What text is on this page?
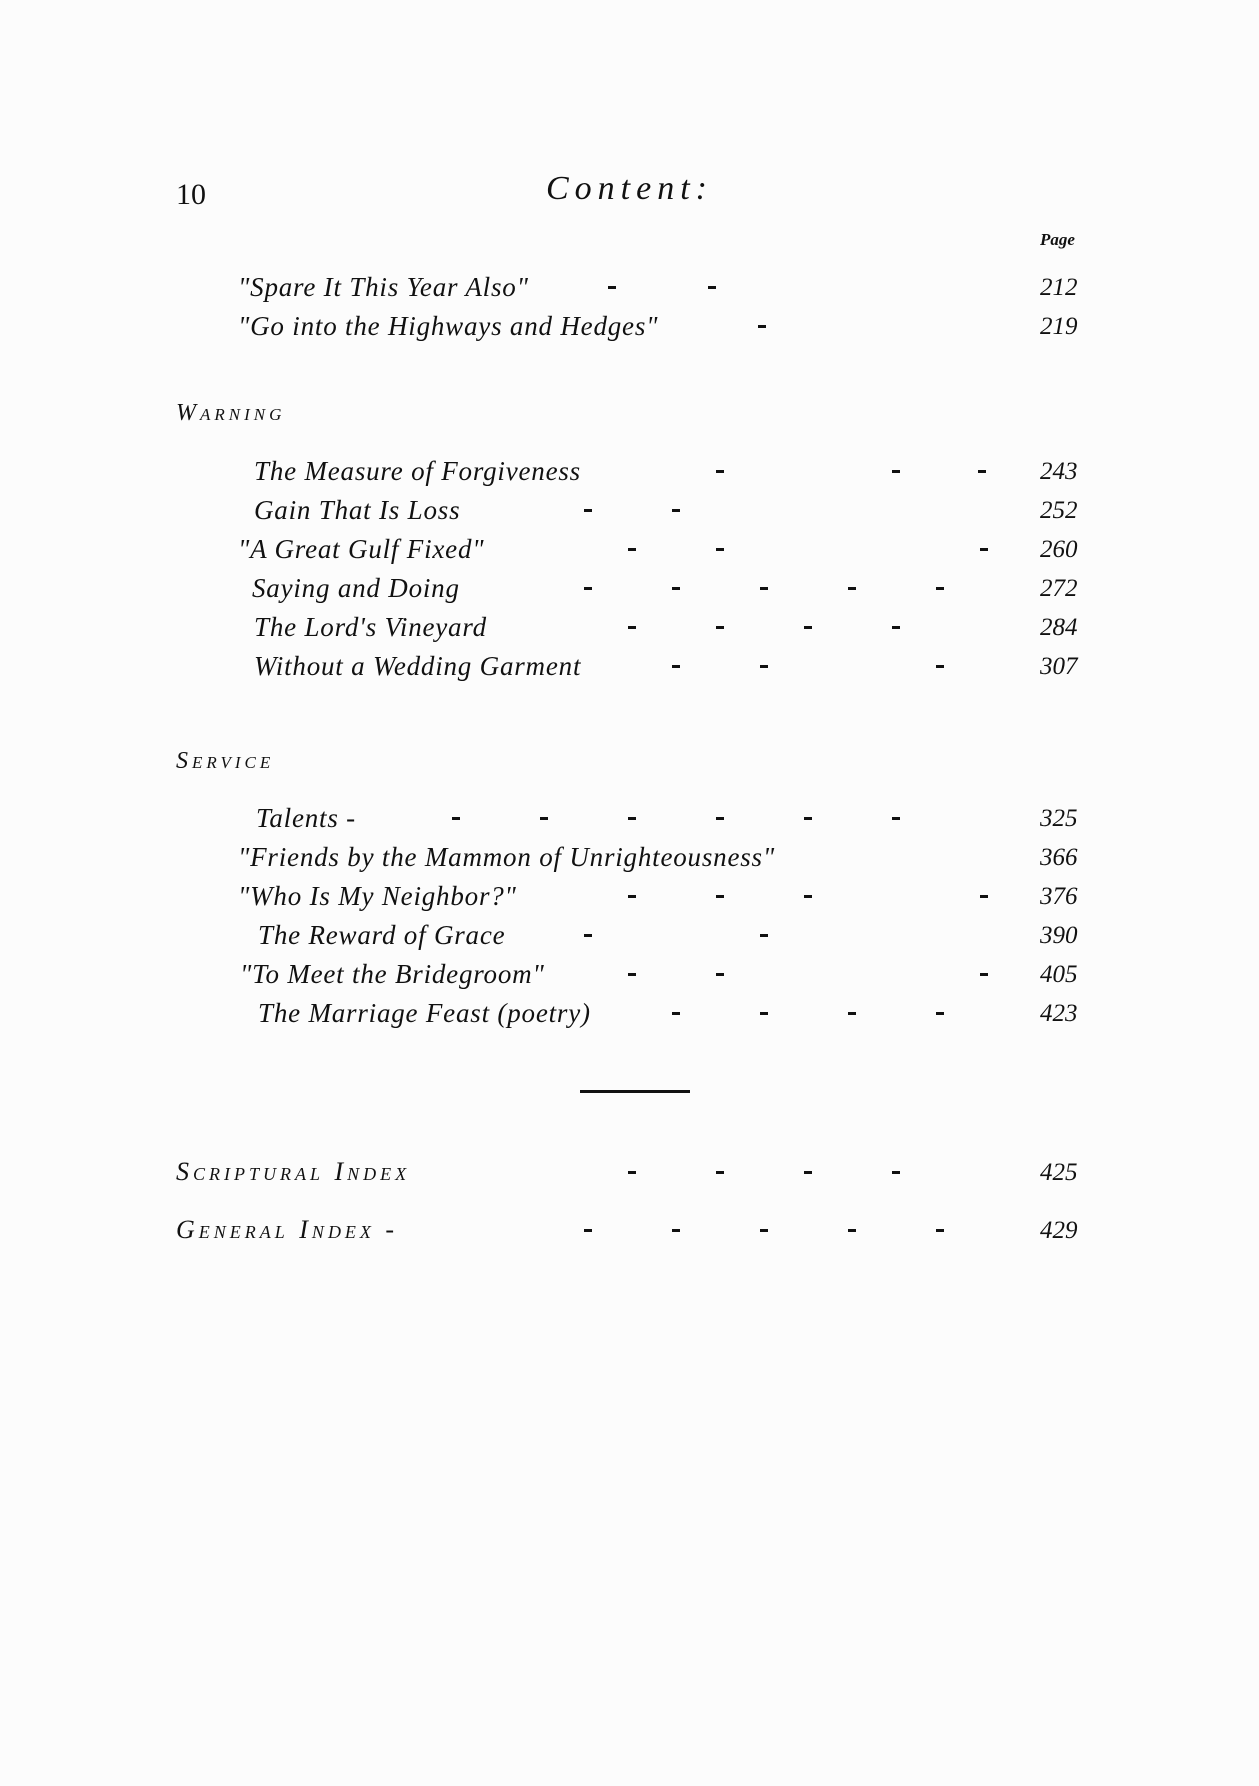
10	Content:
Page
"Spare It This Year Also"	212
"Go into the Highways and Hedges"	219
Warning
The Measure of Forgiveness	243
Gain That Is Loss	252
"A Great Gulf Fixed"	260
Saying and Doing	272
The Lord's Vineyard	284
Without a Wedding Garment	307
Service
Talents -	325
"Friends by the Mammon of Unrighteousness"	366
"Who Is My Neighbor?"	376
The Reward of Grace	390
"To Meet the Bridegroom"	405
The Marriage Feast (poetry)	423
Scriptural Index	425
General Index -	429
